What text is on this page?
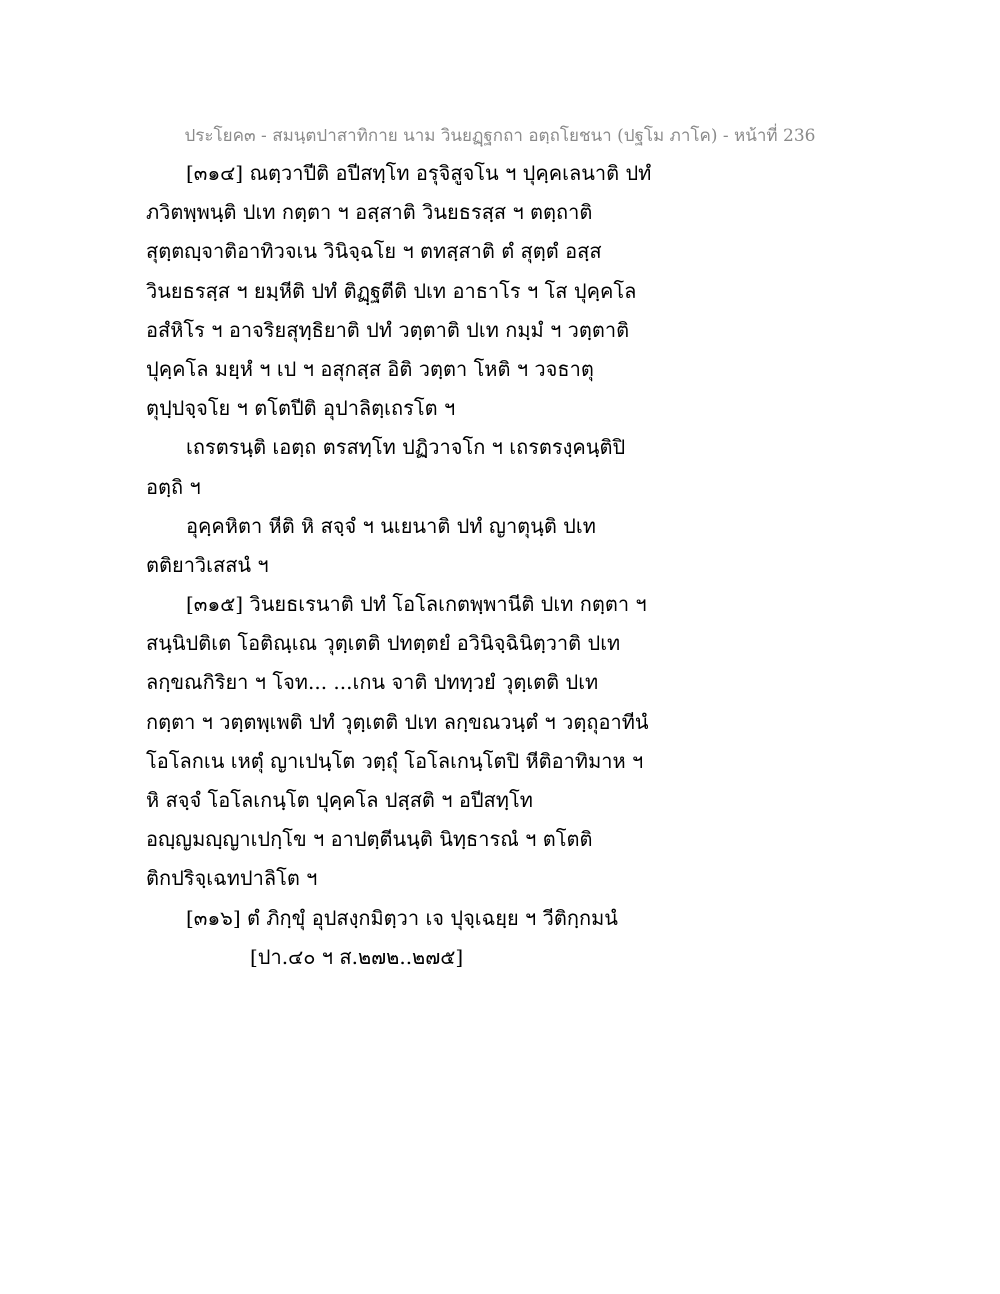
ประโยค๓ - สมนฺตปาสาทิกาย นาม วินยฏฺฐกถา อตฺถโยชนา (ปฐโม ภาโค) - หน้าที่ 236
[๓๑๔] ณตฺวาปีติ อปีสทฺโท อรุจิสูจโน ฯ ปุคฺคเลนาติ ปทํ
ภวิตพฺพนฺติ ปเท กตฺตา ฯ อสฺสาติ วินยธรสฺส ฯ ตตฺถาติ
สุตฺตญฺจาติอาทิวจเน วินิจฺฉโย ฯ ตทสฺสาติ ตํ สุตฺตํ อสฺส
วินยธรสฺส ฯ ยมฺหีติ ปทํ ติฏฺฐตีติ ปเท อาธาโร ฯ โส ปุคฺคโล
อสํหิโร ฯ อาจริยสุทฺธิยาติ ปทํ วตฺตาติ ปเท กมฺมํ ฯ วตฺตาติ
ปุคฺคโล มยฺหํ ฯ เป ฯ อสุกสฺส อิติ วตฺตา โหติ ฯ วจธาตุ
ตุปฺปจฺจโย ฯ ตโตปีติ อุปาลิตฺเถรโต ฯ
เถรตรนฺติ เอตฺถ ตรสทฺโท ปฏิวาจโก ฯ เถรตรงฺคนฺติปิ
อตฺถิ ฯ
อุคฺคหิตา หีติ หิ สจฺจํ ฯ นเยนาติ ปทํ ญาตุนฺติ ปเท
ตติยาวิเสสนํ ฯ
[๓๑๕] วินยธเรนาติ ปทํ โอโลเกตพฺพานีติ ปเท กตฺตา ฯ
สนฺนิปติเต โอติณฺเณ วุตฺเตติ ปทตฺตยํ อวินิจฺฉินิตฺวาติ ปเท
ลกฺขณกิริยา ฯ โจท... ...เกน จาติ ปททฺวยํ วุตฺเตติ ปเท
กตฺตา ฯ วตฺตพฺเพติ ปทํ วุตฺเตติ ปเท ลกฺขณวนฺตํ ฯ วตฺถุอาทีนํ
โอโลกเน เหตุํ ญาเปนฺโต วตฺถุํ โอโลเกนฺโตปิ หีติอาทิมาห ฯ
หิ สจฺจํ โอโลเกนฺโต ปุคฺคโล ปสฺสติ ฯ อปีสทฺโท
อญฺญมญฺญาเปกฺโข ฯ อาปตฺตีนนฺติ นิทฺธารณํ ฯ ตโตติ
ติกปริจฺเฉทปาลิโต ฯ
[๓๑๖] ตํ ภิกฺขุํ อุปสงฺกมิตฺวา เจ ปุจฺเฉยฺย ฯ วีติกฺกมนํ
[ปา.๔๐ ฯ ส.๒๗๒..๒๗๕]
